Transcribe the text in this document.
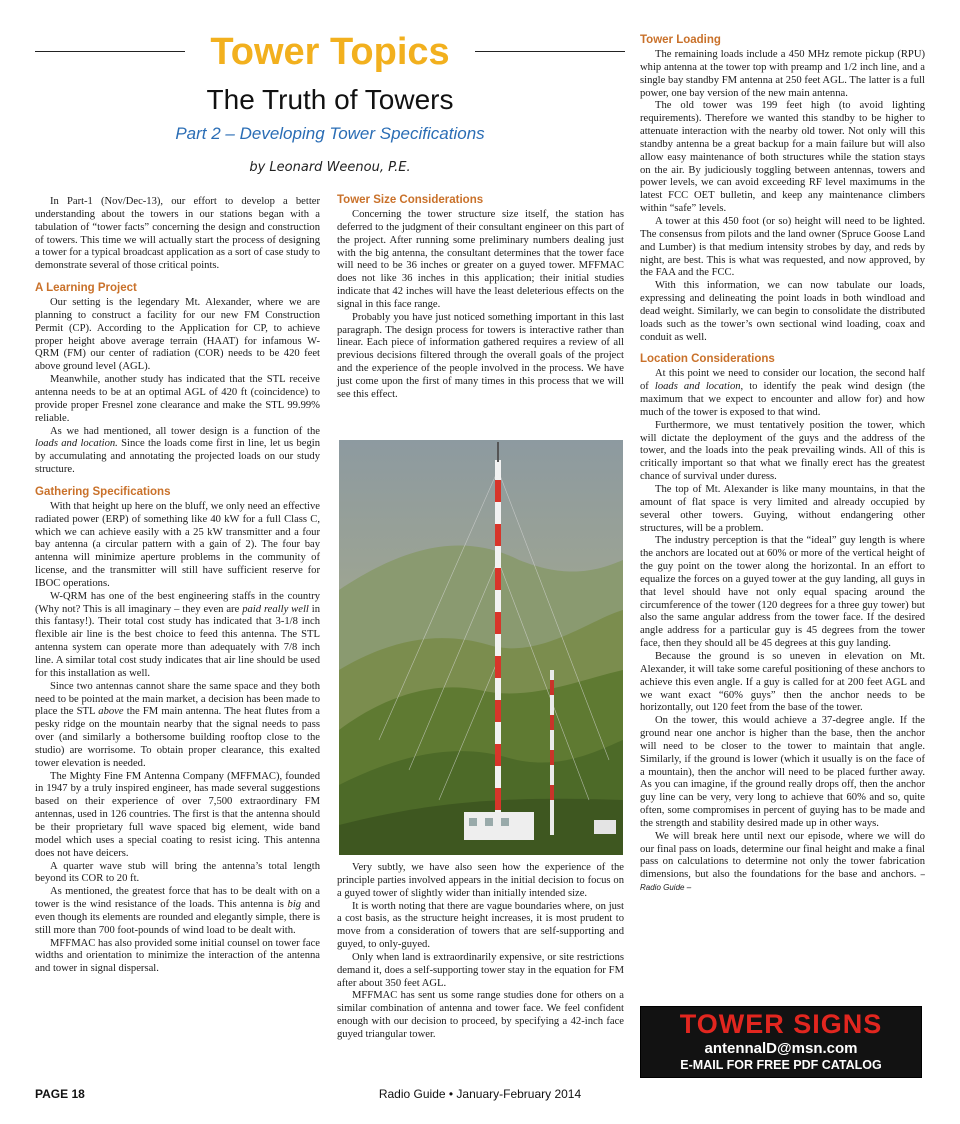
Tower Topics
The Truth of Towers
Part 2 – Developing Tower Specifications
by Leonard Weenou, P.E.

In Part-1 (Nov/Dec-13), our effort to develop a better understanding about the towers in our stations began with a tabulation of “tower facts” concerning the design and construction of towers. This time we will actually start the process of designing a tower for a typical broadcast application as a sort of case study to demonstrate several of those critical points.

A Learning Project

Our setting is the legendary Mt. Alexander, where we are planning to construct a facility for our new FM Construction Permit (CP). According to the Application for CP, to achieve proper height above average terrain (HAAT) for infamous W-QRM (FM) our center of radiation (COR) needs to be 420 feet above ground level (AGL).

Meanwhile, another study has indicated that the STL receive antenna needs to be at an optimal AGL of 420 ft (coincidence) to provide proper Fresnel zone clearance and make the STL 99.99% reliable.

As we had mentioned, all tower design is a function of the loads and location. Since the loads come first in line, let us begin by accumulating and annotating the projected loads on our study structure.

Gathering Specifications

With that height up here on the bluff, we only need an effective radiated power (ERP) of something like 40 kW for a full Class C, which we can achieve easily with a 25 kW transmitter and a four bay antenna (a circular pattern with a gain of 2). The four bay antenna will minimize aperture problems in the community of license, and the transmitter will still have sufficient reserve for IBOC operations.

W-QRM has one of the best engineering staffs in the country (Why not? This is all imaginary – they even are paid really well in this fantasy!). Their total cost study has indicated that 3-1/8 inch flexible air line is the best choice to feed this antenna. The STL antenna system can operate more than adequately with 7/8 inch line. A similar total cost study indicates that air line should be used for this installation as well.

Since two antennas cannot share the same space and they both need to be pointed at the main market, a decision has been made to place the STL above the FM main antenna. The heat flutes from a pesky ridge on the mountain nearby that the signal needs to pass over (and similarly a bothersome building rooftop close to the studio) are worrisome. To obtain proper clearance, this exalted tower elevation is needed.

The Mighty Fine FM Antenna Company (MFFMAC), founded in 1947 by a truly inspired engineer, has made several suggestions based on their experience of over 7,500 extraordinary FM antennas, used in 126 countries. The first is that the antenna should be their proprietary full wave spaced big element, wide band model which uses a special coating to resist icing. This antenna does not have deicers.

A quarter wave stub will bring the antenna’s total length beyond its COR to 20 ft.

As mentioned, the greatest force that has to be dealt with on a tower is the wind resistance of the loads. This antenna is big and even though its elements are rounded and elegantly simple, there is still more than 700 foot-pounds of wind load to be dealt with.

MFFMAC has also provided some initial counsel on tower face widths and orientation to minimize the interaction of the antenna and tower in signal dispersal.

Tower Size Considerations

Concerning the tower structure size itself, the station has deferred to the judgment of their consultant engineer on this part of the project. After running some preliminary numbers dealing just with the big antenna, the consultant determines that the tower face will need to be 36 inches or greater on a guyed tower. MFFMAC does not like 36 inches in this application; their initial studies indicate that 42 inches will have the least deleterious effects on the signal in this face range.

Probably you have just noticed something important in this last paragraph. The design process for towers is interactive rather than linear. Each piece of information gathered requires a review of all previous decisions filtered through the overall goals of the project and the experience of the people involved in the process. We have just come upon the first of many times in this process that we will see this effect.

Very subtly, we have also seen how the experience of the principle parties involved appears in the initial decision to focus on a guyed tower of slightly wider than initially intended size.

It is worth noting that there are vague boundaries where, on just a cost basis, as the structure height increases, it is most prudent to move from a consideration of towers that are self-supporting and guyed, to only-guyed.

Only when land is extraordinarily expensive, or site restrictions demand it, does a self-supporting tower stay in the equation for FM after about 350 feet AGL.

MFFMAC has sent us some range studies done for others on a similar combination of antenna and tower face. We feel confident enough with our decision to proceed, by specifying a 42-inch face guyed triangular tower.

Tower Loading

The remaining loads include a 450 MHz remote pickup (RPU) whip antenna at the tower top with preamp and 1/2 inch line, and a single bay standby FM antenna at 250 feet AGL. The latter is a full power, one bay version of the new main antenna.

The old tower was 199 feet high (to avoid lighting requirements). Therefore we wanted this standby to be higher to attenuate interaction with the nearby old tower. Not only will this standby antenna be a great backup for a main failure but will also allow easy maintenance of both structures while the station stays on the air. By judiciously toggling between antennas, towers and power levels, we can avoid exceeding RF level maximums in the latest FCC OET bulletin, and keep any maintenance climbers within “safe” levels.

A tower at this 450 foot (or so) height will need to be lighted. The consensus from pilots and the land owner (Spruce Goose Land and Lumber) is that medium intensity strobes by day, and reds by night, are best. This is what was requested, and now approved, by the FAA and the FCC.

With this information, we can now tabulate our loads, expressing and delineating the point loads in both windload and dead weight. Similarly, we can begin to consolidate the distributed loads such as the tower’s own sectional wind loading, coax and conduit as well.

Location Considerations

At this point we need to consider our location, the second half of loads and location, to identify the peak wind design (the maximum that we expect to encounter and allow for) and how much of the tower is exposed to that wind.

Furthermore, we must tentatively position the tower, which will dictate the deployment of the guys and the address of the tower, and the loads into the peak prevailing winds. All of this is critically important so that what we finally erect has the greatest chance of survival under duress.

The top of Mt. Alexander is like many mountains, in that the amount of flat space is very limited and already occupied by several other towers. Guying, without endangering other structures, will be a problem.

The industry perception is that the “ideal” guy length is where the anchors are located out at 60% or more of the vertical height of the guy point on the tower along the horizontal. In an effort to equalize the forces on a guyed tower at the guy landing, all guys in that level should have not only equal spacing around the circumference of the tower (120 degrees for a three guy tower) but also the same angular address from the tower face. If the desired angle address for a particular guy is 45 degrees from the tower face, then they should all be 45 degrees at this guy landing.

Because the ground is so uneven in elevation on Mt. Alexander, it will take some careful positioning of these anchors to achieve this even angle. If a guy is called for at 200 feet AGL and we want exact “60% guys” then the anchor needs to be horizontally, out 120 feet from the base of the tower.

On the tower, this would achieve a 37-degree angle. If the ground near one anchor is higher than the base, then the anchor will need to be closer to the tower to maintain that angle. Similarly, if the ground is lower (which it usually is on the face of a mountain), then the anchor will need to be placed further away. As you can imagine, if the ground really drops off, then the anchor guy line can be very, very long to achieve that 60% and so, quite often, some compromises in percent of guying has to be made and the strength and stability desired made up in other ways.

We will break here until next our episode, where we will do our final pass on loads, determine our final height and make a final pass on calculations to determine not only the tower fabrication dimensions, but also the foundations for the base and anchors. – Radio Guide –

TOWER SIGNS
antennalD@msn.com
E-MAIL FOR FREE PDF CATALOG
PAGE 18	Radio Guide • January-February 2014
